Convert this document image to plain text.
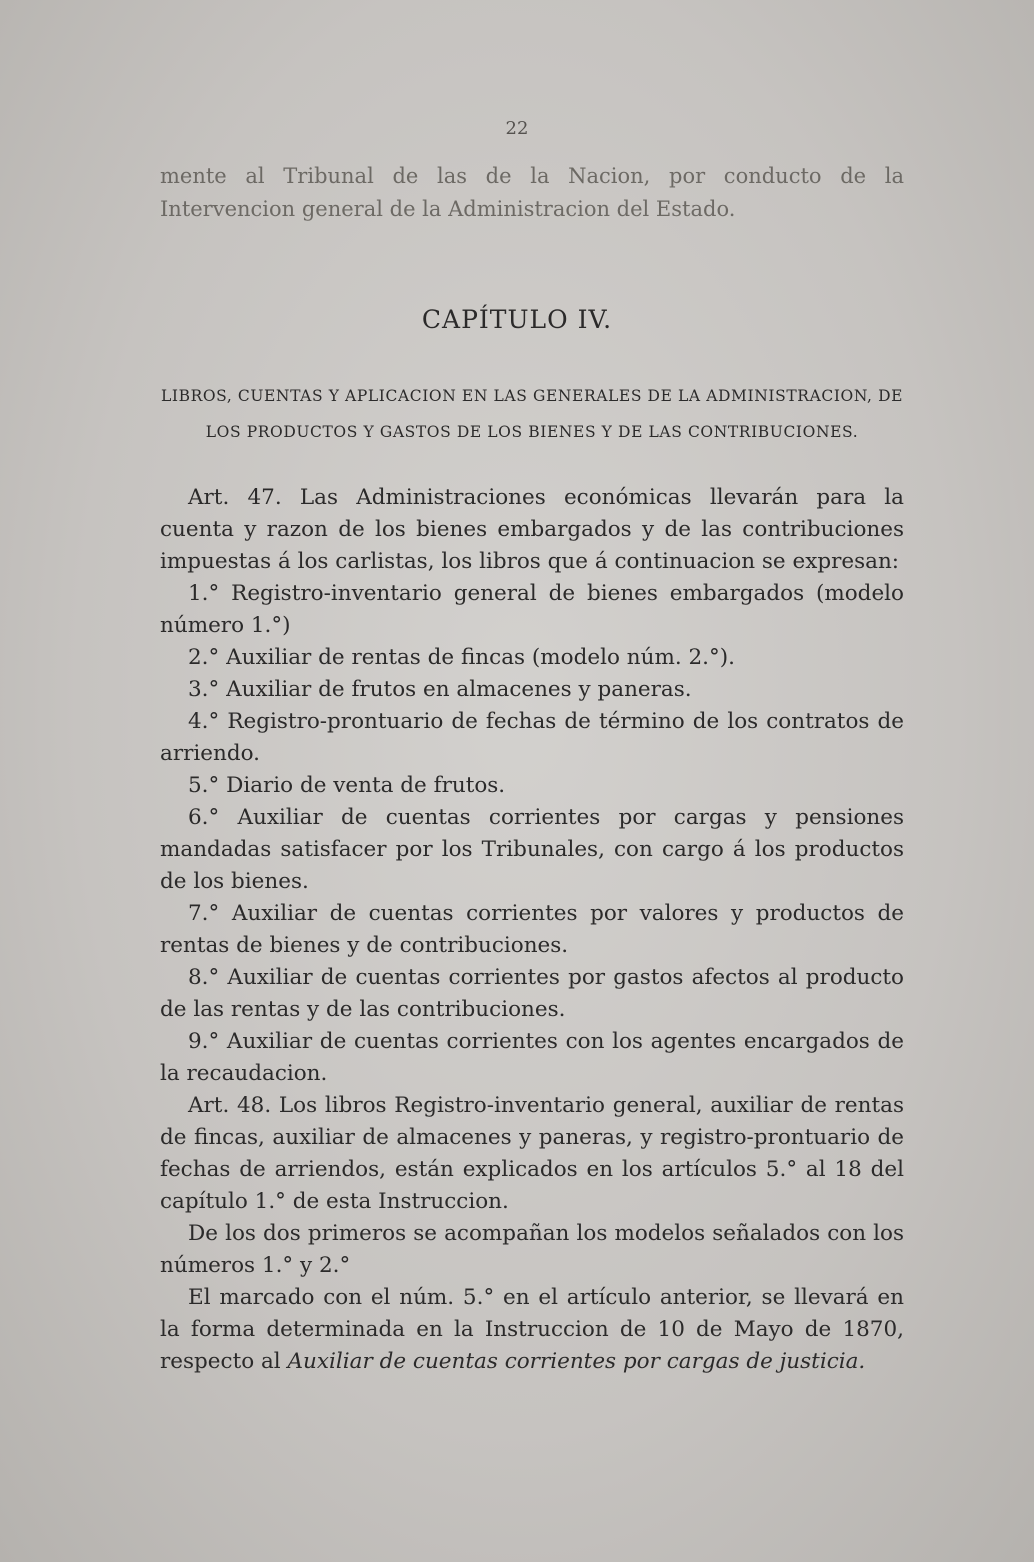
22
mente al Tribunal de las de la Nacion, por conducto de la Intervencion general de la Administracion del Estado.
CAPÍTULO IV.
LIBROS, CUENTAS Y APLICACION EN LAS GENERALES DE LA ADMINISTRACION, DE LOS PRODUCTOS Y GASTOS DE LOS BIENES Y DE LAS CONTRIBUCIONES.

Art. 47. Las Administraciones económicas llevarán para la cuenta y razon de los bienes embargados y de las contribuciones impuestas á los carlistas, los libros que á continuacion se expresan:

1.° Registro-inventario general de bienes embargados (modelo número 1.°)

2.° Auxiliar de rentas de fincas (modelo núm. 2.°).

3.° Auxiliar de frutos en almacenes y paneras.

4.° Registro-prontuario de fechas de término de los contratos de arriendo.

5.° Diario de venta de frutos.

6.° Auxiliar de cuentas corrientes por cargas y pensiones mandadas satisfacer por los Tribunales, con cargo á los productos de los bienes.

7.° Auxiliar de cuentas corrientes por valores y productos de rentas de bienes y de contribuciones.

8.° Auxiliar de cuentas corrientes por gastos afectos al producto de las rentas y de las contribuciones.

9.° Auxiliar de cuentas corrientes con los agentes encargados de la recaudacion.

Art. 48. Los libros Registro-inventario general, auxiliar de rentas de fincas, auxiliar de almacenes y paneras, y registro-prontuario de fechas de arriendos, están explicados en los artículos 5.° al 18 del capítulo 1.° de esta Instruccion.

De los dos primeros se acompañan los modelos señalados con los números 1.° y 2.°

El marcado con el núm. 5.° en el artículo anterior, se llevará en la forma determinada en la Instruccion de 10 de Mayo de 1870, respecto al Auxiliar de cuentas corrientes por cargas de justicia.
